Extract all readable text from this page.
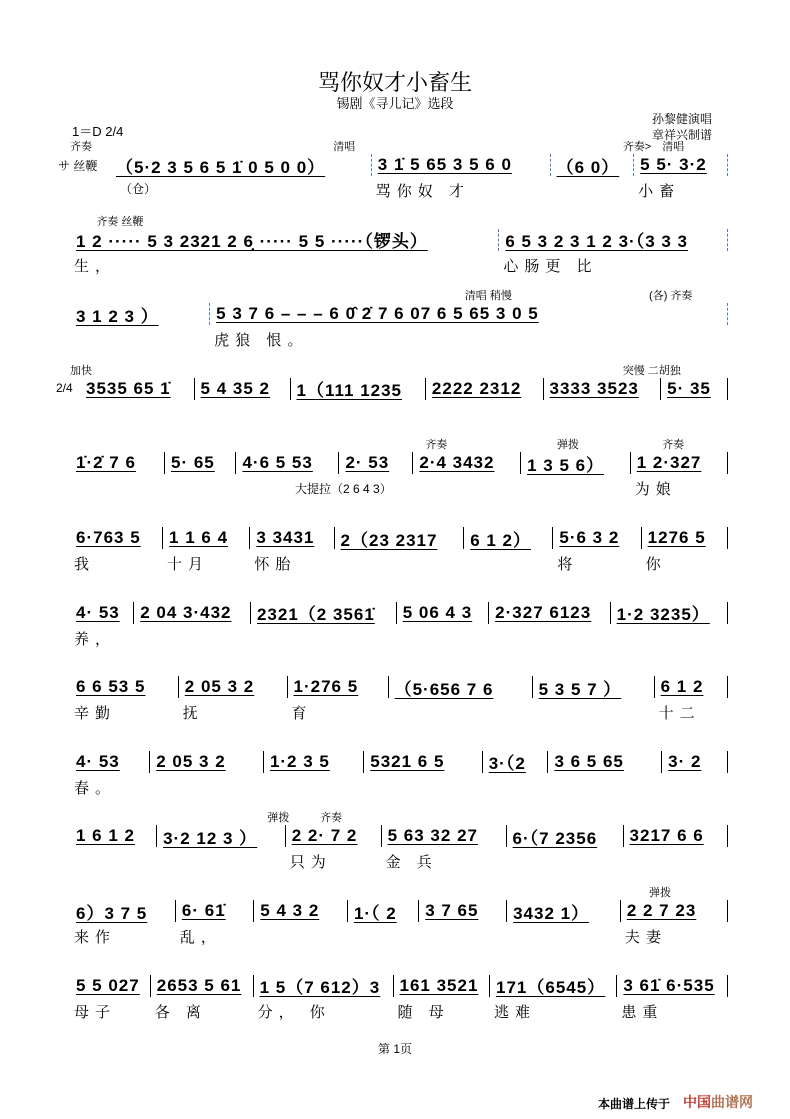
骂你奴才小畜生
锡剧《寻儿记》选段
1＝D 2/4
孙黎健演唱
章祥兴制谱
サ 丝鞭 （5·2 3 5 6 5 1̇ 0 5 0 0）	3 1̇ 5 65 3 5 6 0
骂你奴 才
（6 0） 5 5· 3·2
小畜
齐奏	清唱	齐奏> 清唱
（仓）
1 2 ····· 5 3 2321 2 6̣ ····· 5 5 ·····（锣头）
生，
6 5 3 2 3 1 2 3·（3 3 3
心肠更 比
齐奏 丝鞭
3 1 2 3 ）	5 3 7 6 – – – 6 0̂ 2̇ 7 6 07 6 5 65 3 0 5
虎狼 恨。
清唱 稍慢	(各) 齐奏
2/4 3535 65 1̇ 5 4 35 2 1（111 1235 2222 2312 3333 3523 5· 35
加快	突慢 二胡独
1̇·2̇ 7 6 5· 65 4·6 5 53 2· 53 2·4 3432 1 3 5 6） 1 2·327
为娘
齐奏	弹拨	齐奏
大提拉（2 6 4 3）
6·763 5
我
1 1 6 4
十月
3 3431
怀胎
2（23 2317 6 1 2） 5·6 3 2
将
1276 5
你
4· 53
养，
2 04 3·432 2321（2 3561̇ 5 06 4 3 2·327 6123 1·2 3235）
6 6 53 5
辛勤
2 05 3 2
抚
1·276 5
育
（5·656 7 6	5 3 5 7 ） 6 1 2
十二
4· 53
春。
2 05 3 2	1·2 3 5 5321 6 5	3·（2 3 6 5 65	3· 2
1 6 1 2 3·2 12 3 ） 2 2· 7 2
只为
5 63 32 27
金 兵
6·（7 2356 3217 6 6
弹拨	齐奏
6）3 7 5
来作
6· 61̇
乱，
5 4 3 2 1·（ 2 3 7 65 3432 1） 2 2 7 23
夫妻
弹拨
5 5 027
母子
2653 5 61
各 离
1 5（7 612）3
分， 你
161 3521
随 母
171（6545）
逃难
3 61̇ 6·535
患重
第 1页
本曲谱上传于 中国曲谱网
